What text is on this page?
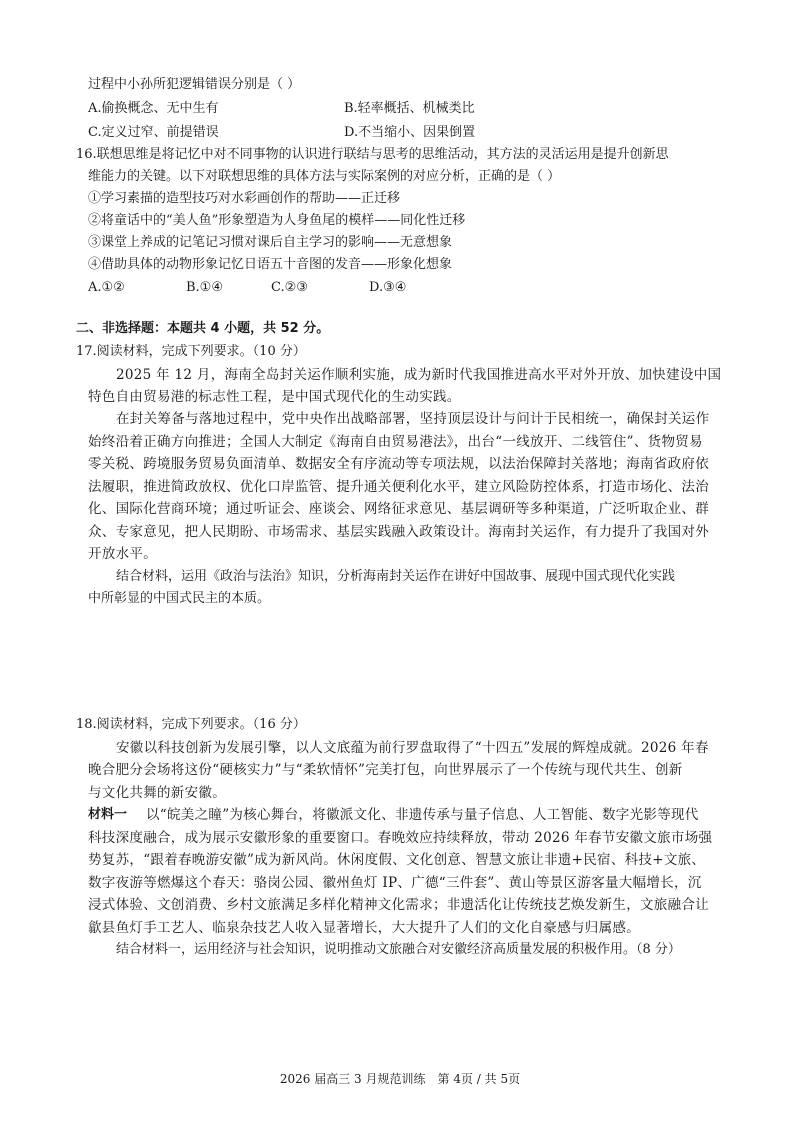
过程中小孙所犯逻辑错误分别是（ ）
A.偷换概念、无中生有	B.轻率概括、机械类比
C.定义过窄、前提错误	D.不当缩小、因果倒置
16.联想思维是将记忆中对不同事物的认识进行联结与思考的思维活动，其方法的灵活运用是提升创新思
维能力的关键。以下对联想思维的具体方法与实际案例的对应分析，正确的是（ ）
①学习素描的造型技巧对水彩画创作的帮助——正迁移
②将童话中的“美人鱼”形象塑造为人身鱼尾的模样——同化性迁移
③课堂上养成的记笔记习惯对课后自主学习的影响——无意想象
④借助具体的动物形象记忆日语五十音图的发音——形象化想象
A.①②	B.①④	C.②③	D.③④
二、非选择题：本题共 4 小题，共 52 分。
17.阅读材料，完成下列要求。（10 分）
2025 年 12 月，海南全岛封关运作顺利实施，成为新时代我国推进高水平对外开放、加快建设中国
特色自由贸易港的标志性工程，是中国式现代化的生动实践。
在封关筹备与落地过程中，党中央作出战略部署，坚持顶层设计与问计于民相统一，确保封关运作
始终沿着正确方向推进；全国人大制定《海南自由贸易港法》，出台“一线放开、二线管住”、货物贸易
零关税、跨境服务贸易负面清单、数据安全有序流动等专项法规，以法治保障封关落地；海南省政府依
法履职，推进简政放权、优化口岸监管、提升通关便利化水平，建立风险防控体系，打造市场化、法治
化、国际化营商环境；通过听证会、座谈会、网络征求意见、基层调研等多种渠道，广泛听取企业、群
众、专家意见，把人民期盼、市场需求、基层实践融入政策设计。海南封关运作，有力提升了我国对外
开放水平。
结合材料，运用《政治与法治》知识，分析海南封关运作在讲好中国故事、展现中国式现代化实践
中所彰显的中国式民主的本质。
18.阅读材料，完成下列要求。（16 分）
安徽以科技创新为发展引擎，以人文底蕴为前行罗盘取得了“十四五”发展的辉煌成就。2026 年春
晚合肥分会场将这份“硬核实力”与“柔软情怀”完美打包，向世界展示了一个传统与现代共生、创新
与文化共舞的新安徽。
材料一 以“皖美之瞳”为核心舞台，将徽派文化、非遗传承与量子信息、人工智能、数字光影等现代
科技深度融合，成为展示安徽形象的重要窗口。春晚效应持续释放，带动 2026 年春节安徽文旅市场强
势复苏，“跟着春晚游安徽”成为新风尚。休闲度假、文化创意、智慧文旅让非遗+民宿、科技+文旅、
数字夜游等燃爆这个春天：骆岗公园、徽州鱼灯 IP、广德“三件套”、黄山等景区游客量大幅增长，沉
浸式体验、文创消费、乡村文旅满足多样化精神文化需求；非遗活化让传统技艺焕发新生，文旅融合让
歙县鱼灯手工艺人、临泉杂技艺人收入显著增长，大大提升了人们的文化自豪感与归属感。
结合材料一，运用经济与社会知识，说明推动文旅融合对安徽经济高质量发展的积极作用。（8 分）
2026 届高三 3 月规范训练　第 4页 / 共 5页
